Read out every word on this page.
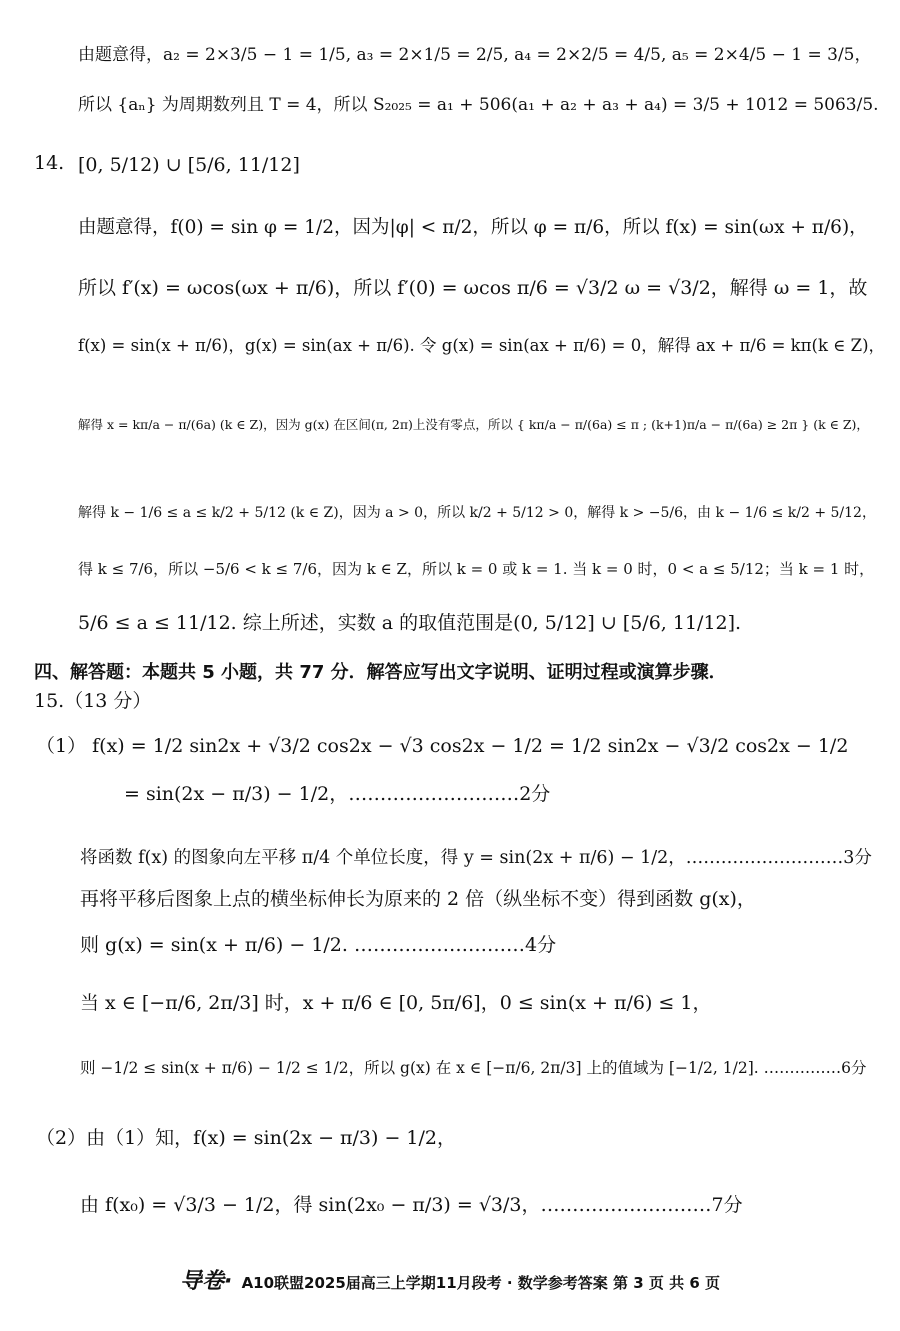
由题意得，a₂ = 2×3/5 − 1 = 1/5, a₃ = 2×1/5 = 2/5, a₄ = 2×2/5 = 4/5, a₅ = 2×4/5 − 1 = 3/5，
所以 {aₙ} 为周期数列且 T = 4，所以 S₂₀₂₅ = a₁ + 506(a₁ + a₂ + a₃ + a₄) = 3/5 + 1012 = 5063/5.
14. [0, 5/12) ∪ [5/6, 11/12]
由题意得，f(0) = sin φ = 1/2，因为|φ| < π/2，所以 φ = π/6，所以 f(x) = sin(ωx + π/6)，
所以 f′(x) = ωcos(ωx + π/6)，所以 f′(0) = ωcos π/6 = √3/2 ω = √3/2，解得 ω = 1，故
f(x) = sin(x + π/6)，g(x) = sin(ax + π/6). 令 g(x) = sin(ax + π/6) = 0，解得 ax + π/6 = kπ(k ∈ Z)，
解得 x = kπ/a − π/(6a) (k ∈ Z)，因为 g(x) 在区间(π, 2π)上没有零点，所以 { kπ/a − π/(6a) ≤ π ; (k+1)π/a − π/(6a) ≥ 2π } (k ∈ Z)，
解得 k − 1/6 ≤ a ≤ k/2 + 5/12 (k ∈ Z)，因为 a > 0，所以 k/2 + 5/12 > 0，解得 k > −5/6，由 k − 1/6 ≤ k/2 + 5/12，
得 k ≤ 7/6，所以 −5/6 < k ≤ 7/6，因为 k ∈ Z，所以 k = 0 或 k = 1. 当 k = 0 时，0 < a ≤ 5/12；当 k = 1 时，
5/6 ≤ a ≤ 11/12. 综上所述，实数 a 的取值范围是(0, 5/12] ∪ [5/6, 11/12].
四、解答题：本题共 5 小题，共 77 分．解答应写出文字说明、证明过程或演算步骤．
15.（13 分）
（1） f(x) = 1/2 sin2x + √3/2 cos2x − √3 cos2x − 1/2 = 1/2 sin2x − √3/2 cos2x − 1/2
= sin(2x − π/3) − 1/2，………………………2分
将函数 f(x) 的图象向左平移 π/4 个单位长度，得 y = sin(2x + π/6) − 1/2，………………………3分
再将平移后图象上点的横坐标伸长为原来的 2 倍（纵坐标不变）得到函数 g(x)，
则 g(x) = sin(x + π/6) − 1/2. ………………………4分
当 x ∈ [−π/6, 2π/3] 时，x + π/6 ∈ [0, 5π/6]，0 ≤ sin(x + π/6) ≤ 1，
则 −1/2 ≤ sin(x + π/6) − 1/2 ≤ 1/2，所以 g(x) 在 x ∈ [−π/6, 2π/3] 上的值域为 [−1/2, 1/2]. ……………6分
（2）由（1）知，f(x) = sin(2x − π/3) − 1/2，
由 f(x₀) = √3/3 − 1/2，得 sin(2x₀ − π/3) = √3/3，………………………7分
导卷· A10联盟2025届高三上学期11月段考 · 数学参考答案 第 3 页 共 6 页
